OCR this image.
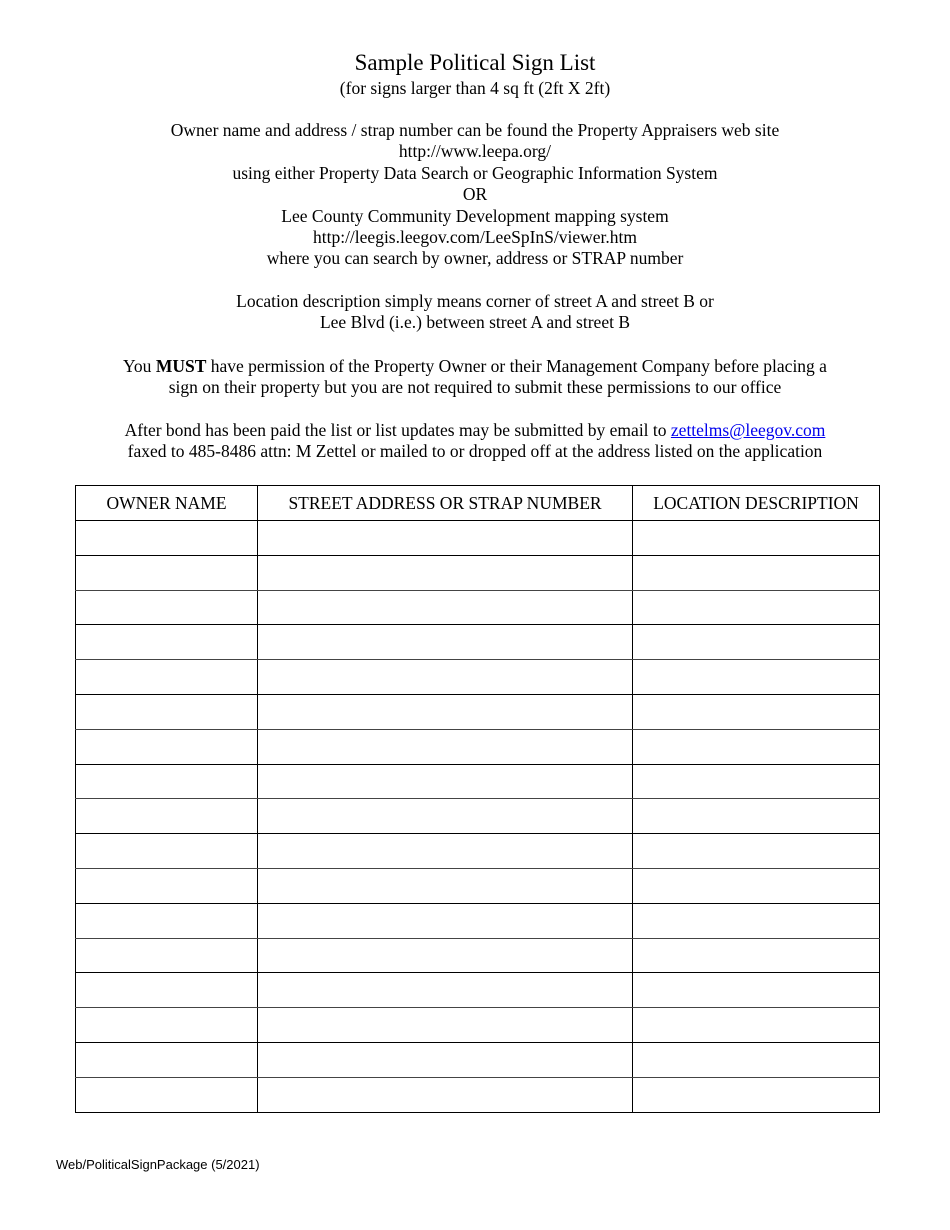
Sample Political Sign List
(for signs larger than 4 sq ft (2ft X 2ft)
Owner name and address / strap number can be found the Property Appraisers web site
http://www.leepa.org/
using either Property Data Search or Geographic Information System
OR
Lee County Community Development mapping system
http://leegis.leegov.com/LeeSpInS/viewer.htm
where you can search by owner, address or STRAP number
Location description simply means corner of street A and street B or
Lee Blvd (i.e.) between street A and street B
You MUST have permission of the Property Owner or their Management Company before placing a
sign on their property but you are not required to submit these permissions to our office
After bond has been paid the list or list updates may be submitted by email to zettelms@leegov.com
faxed to 485-8486 attn: M Zettel or mailed to or dropped off at the address listed on the application
OWNER NAME	STREET ADDRESS OR STRAP NUMBER	LOCATION DESCRIPTION

Web/PoliticalSignPackage (5/2021)
